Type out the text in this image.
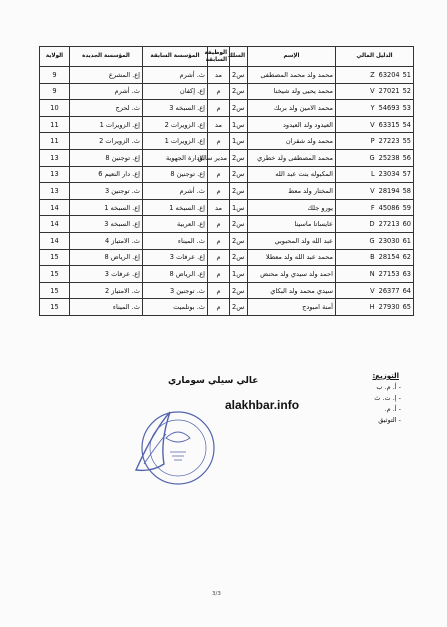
الدليل المالي	الإسم	السلك	الوظيفة السابقة	المؤسسة السابقة	المؤسسة الجديدة	الولاية

51
Z 63204	محمد ولد محمد المصطفى	س2	مد	ث. أشرم	إع. المشرع	9

52
V 27021	محمد يحيى ولد شيخنا	س2	م	إع. إكفان	ث. أشرم	9

53
Y 54693	محمد الامين ولد بربك	س2	م	إع. السبخه 3	ث. لحرج	10

54
V 63315	العيدود ولد العيدود	س1	مد	إع. الزويرات 2	إع. الزويرات 1	11

55
P 27223	محمد ولد شقران	س1	م	إع. الزويرات 1	ث. الزويرات 2	11

56
G 25238	محمد المصطفى ولد خطري	س2	مدير سابق	الإدارة الجهوية	إع. توجنين 8	13

57
L 23034	المكبوله بنت عبد الله	س2	م	إع. توجنين 8	إع. دار النعيم 6	13

58
V 28194	المختار ولد معط	س2	م	ث. أشرم	ث. توجنين 3	13

59
F 45086	يورو جلك	س1	مد	إع. السبخه 1	إع. السبخه 1	14

60
D 27213	عايساتا ماسينا	س2	م	إع. العربية	إع. السبخه 3	14

61
G 23030	عبد الله ولد المحبوبي	س2	م	ث. الميناء	ث. الامتياز 4	14

62
B 28154	محمد عبد الله ولد معطلا	س2	م	إع. عرفات 3	إع. الرياض 8	15

63
N 27153	احمد ولد سيدي ولد محنض	س1	م	إع. الرياض 8	إع. عرفات 3	15

64
V 26377	سيدي محمد ولد البكاي	س2	م	ث. توجنين 3	ث. الامتياز 2	15

65
H 27930	آمنة امبودج	س2	م	ث. بوتلميت	ث. الميناء	15
التوزيع:
- أ. م. ب
- إ. ت. ث
- أ. م.
- التوثيق
عالي سيلي سوماري
alakhbar.info
3/3
